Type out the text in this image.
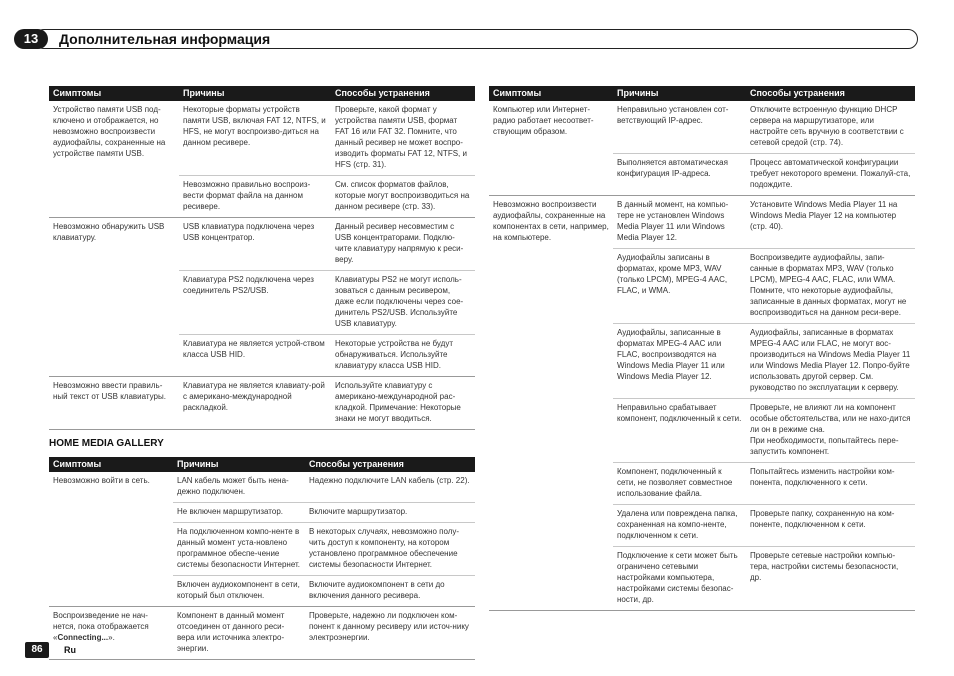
13	Дополнительная информация
Симптомы	Причины	Способы устранения
Устройство памяти USB под-ключено и отображается, но невозможно воспроизвести аудиофайлы, сохраненные на устройстве памяти USB.	Некоторые форматы устройств памяти USB, включая FAT 12, NTFS, и HFS, не могут воспроизво-диться на данном ресивере.	Проверьте, какой формат у устройства памяти USB, формат FAT 16 или FAT 32. Помните, что данный ресивер не может воспро-изводить форматы FAT 12, NTFS, и HFS (стр. 31).
	Невозможно правильно воспроиз-вести формат файла на данном ресивере.	См. список форматов файлов, которые могут воспроизводиться на данном ресивере (стр. 33).
Невозможно обнаружить USB клавиатуру.	USB клавиатура подключена через USB концентратор.	Данный ресивер несовместим с USB концентраторами. Подклю-чите клавиатуру напрямую к реси-веру.
	Клавиатура PS2 подключена через соединитель PS2/USB.	Клавиатуры PS2 не могут исполь-зоваться с данным ресивером, даже если подключены через сое-динитель PS2/USB. Используйте USB клавиатуру.
	Клавиатура не является устрой-ством класса USB HID.	Некоторые устройства не будут обнаруживаться. Используйте клавиатуру класса USB HID.
Невозможно ввести правиль-ный текст от USB клавиатуры.	Клавиатура не является клавиату-рой с американо-международной раскладкой.	Используйте клавиатуру с американо-международной рас-кладкой. Примечание: Некоторые знаки не могут вводиться.
HOME MEDIA GALLERY
Симптомы	Причины	Способы устранения
Невозможно войти в сеть.	LAN кабель может быть нена-дежно подключен.	Надежно подключите LAN кабель (стр. 22).
	Не включен маршрутизатор.	Включите маршрутизатор.
	На подключенном компо-ненте в данный момент уста-новлено программное обеспе-чение системы безопасности Интернет.	В некоторых случаях, невозможно полу-чить доступ к компоненту, на котором установлено программное обеспечение системы безопасности Интернет.
	Включен аудиокомпонент в сети, который был отключен.	Включите аудиокомпонент в сети до включения данного ресивера.
Воспроизведение не нач-нется, пока отображается «Connecting...».	Компонент в данный момент отсоединен от данного реси-вера или источника электро-энергии.	Проверьте, надежно ли подключен ком-понент к данному ресиверу или источ-нику электроэнергии.
Симптомы	Причины	Способы устранения
Компьютер или Интернет-радио работает несоответ-ствующим образом.	Неправильно установлен сот-ветствующий IP-адрес.	Отключите встроенную функцию DHCP сервера на маршрутизаторе, или настройте сеть вручную в соответствии с сетевой средой (стр. 74).
	Выполняется автоматическая конфигурация IP-адреса.	Процесс автоматической конфигурации требует некоторого времени. Пожалуй-ста, подождите.
Невозможно воспроизвести аудиофайлы, сохраненные на компонентах в сети, например, на компьютере.	В данный момент, на компью-тере не установлен Windows Media Player 11 или Windows Media Player 12.	Установите Windows Media Player 11 на Windows Media Player 12 на компьютер (стр. 40).
	Аудиофайлы записаны в форматах, кроме MP3, WAV (только LPCM), MPEG-4 AAC, FLAC, и WMA.	Воспроизведите аудиофайлы, запи-санные в форматах MP3, WAV (только LPCM), MPEG-4 AAC, FLAC, или WMA. Помните, что некоторые аудиофайлы, записанные в данных форматах, могут не воспроизводиться на данном реси-вере.
	Аудиофайлы, записанные в форматах MPEG-4 AAC или FLAC, воспроизводятся на Windows Media Player 11 или Windows Media Player 12.	Аудиофайлы, записанные в форматах MPEG-4 AAC или FLAC, не могут вос-производиться на Windows Media Player 11 или Windows Media Player 12. Попро-буйте использовать другой сервер. См. руководство по эксплуатации к серверу.
	Неправильно срабатывает компонент, подключенный к сети.	Проверьте, не влияют ли на компонент особые обстоятельства, или не нахо-дится ли он в режиме сна.
При необходимости, попытайтесь пере-запустить компонент.
	Компонент, подключенный к сети, не позволяет совместное использование файла.	Попытайтесь изменить настройки ком-понента, подключенного к сети.
	Удалена или повреждена папка, сохраненная на компо-ненте, подключенном к сети.	Проверьте папку, сохраненную на ком-поненте, подключенном к сети.
	Подключение к сети может быть ограничено сетевыми настройками компьютера, настройками системы безопас-ности, др.	Проверьте сетевые настройки компью-тера, настройки системы безопасности, др.
86	Ru
